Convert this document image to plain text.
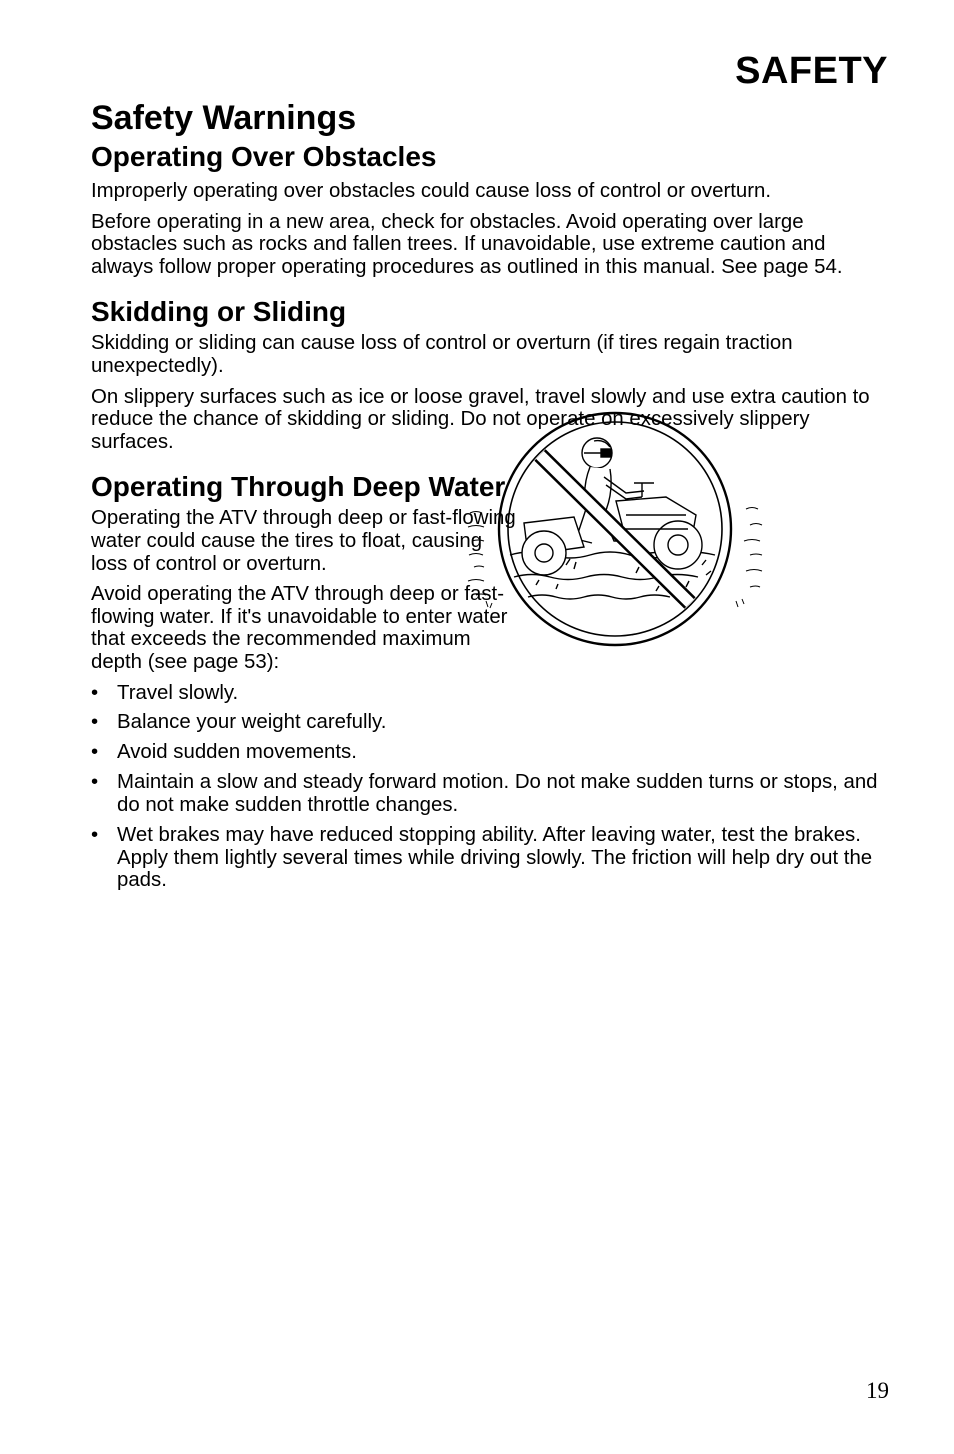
SAFETY
Safety Warnings
Operating Over Obstacles

Improperly operating over obstacles could cause loss of control or overturn.

Before operating in a new area, check for obstacles. Avoid operating over large obstacles such as rocks and fallen trees. If unavoidable, use extreme caution and always follow proper operating procedures as outlined in this manual. See page 54.

Skidding or Sliding

Skidding or sliding can cause loss of control or overturn (if tires regain traction unexpectedly).

On slippery surfaces such as ice or loose gravel, travel slowly and use extra caution to reduce the chance of skidding or sliding. Do not operate on excessively slippery surfaces.

Operating Through Deep Water

Operating the ATV through deep or fast-flowing water could cause the tires to float, causing loss of control or overturn.

Avoid operating the ATV through deep or fast-flowing water. If it's unavoidable to enter water that exceeds the recommended maximum depth (see page 53):

• Travel slowly.
• Balance your weight carefully.
• Avoid sudden movements.
• Maintain a slow and steady forward motion. Do not make sudden turns or stops, and do not make sudden throttle changes.
• Wet brakes may have reduced stopping ability. After leaving water, test the brakes. Apply them lightly several times while driving slowly. The friction will help dry out the pads.
19
